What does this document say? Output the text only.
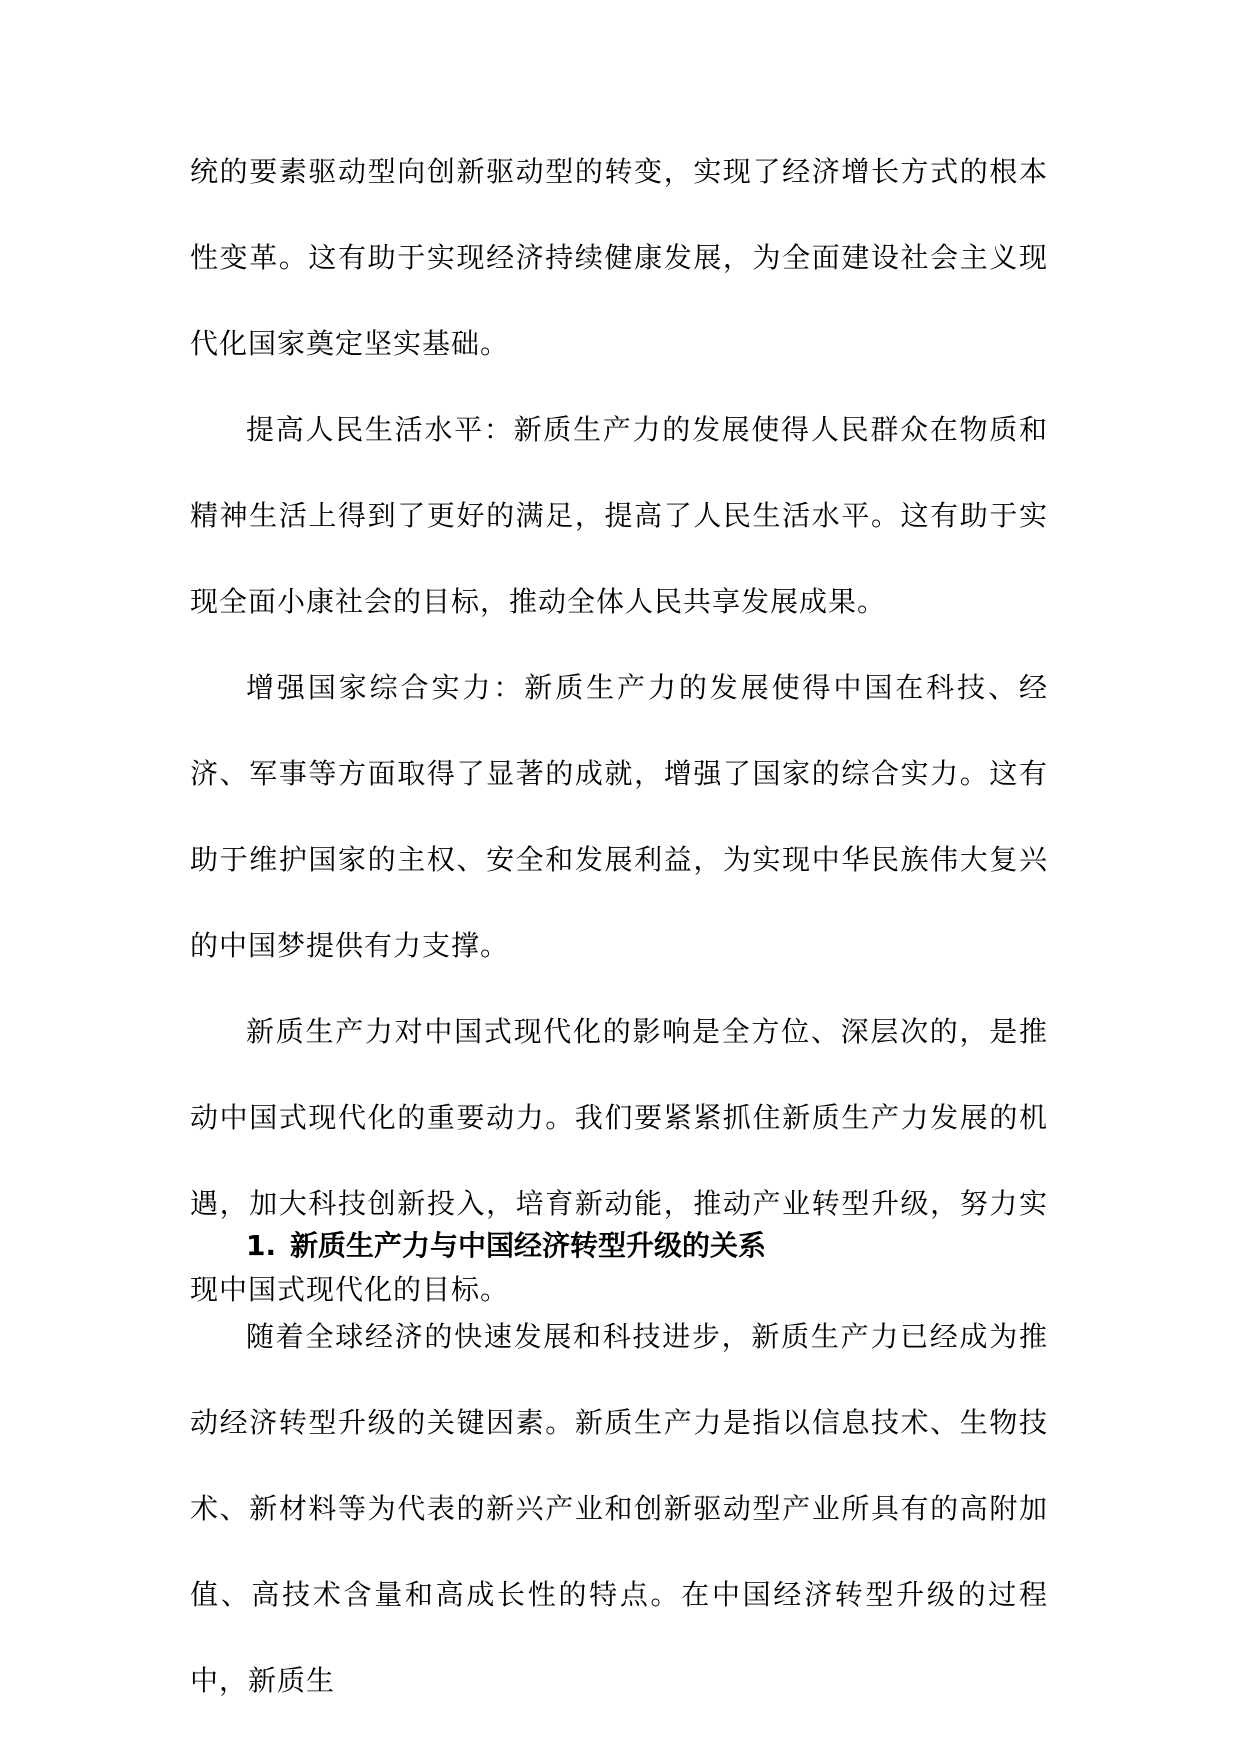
统的要素驱动型向创新驱动型的转变，实现了经济增长方式的根本性变革。这有助于实现经济持续健康发展，为全面建设社会主义现代化国家奠定坚实基础。

提高人民生活水平：新质生产力的发展使得人民群众在物质和精神生活上得到了更好的满足，提高了人民生活水平。这有助于实现全面小康社会的目标，推动全体人民共享发展成果。

增强国家综合实力：新质生产力的发展使得中国在科技、经济、军事等方面取得了显著的成就，增强了国家的综合实力。这有助于维护国家的主权、安全和发展利益，为实现中华民族伟大复兴的中国梦提供有力支撑。

新质生产力对中国式现代化的影响是全方位、深层次的，是推动中国式现代化的重要动力。我们要紧紧抓住新质生产力发展的机遇，加大科技创新投入，培育新动能，推动产业转型升级，努力实现中国式现代化的目标。

1. 新质生产力与中国经济转型升级的关系

随着全球经济的快速发展和科技进步，新质生产力已经成为推动经济转型升级的关键因素。新质生产力是指以信息技术、生物技术、新材料等为代表的新兴产业和创新驱动型产业所具有的高附加值、高技术含量和高成长性的特点。在中国经济转型升级的过程中，新质生
